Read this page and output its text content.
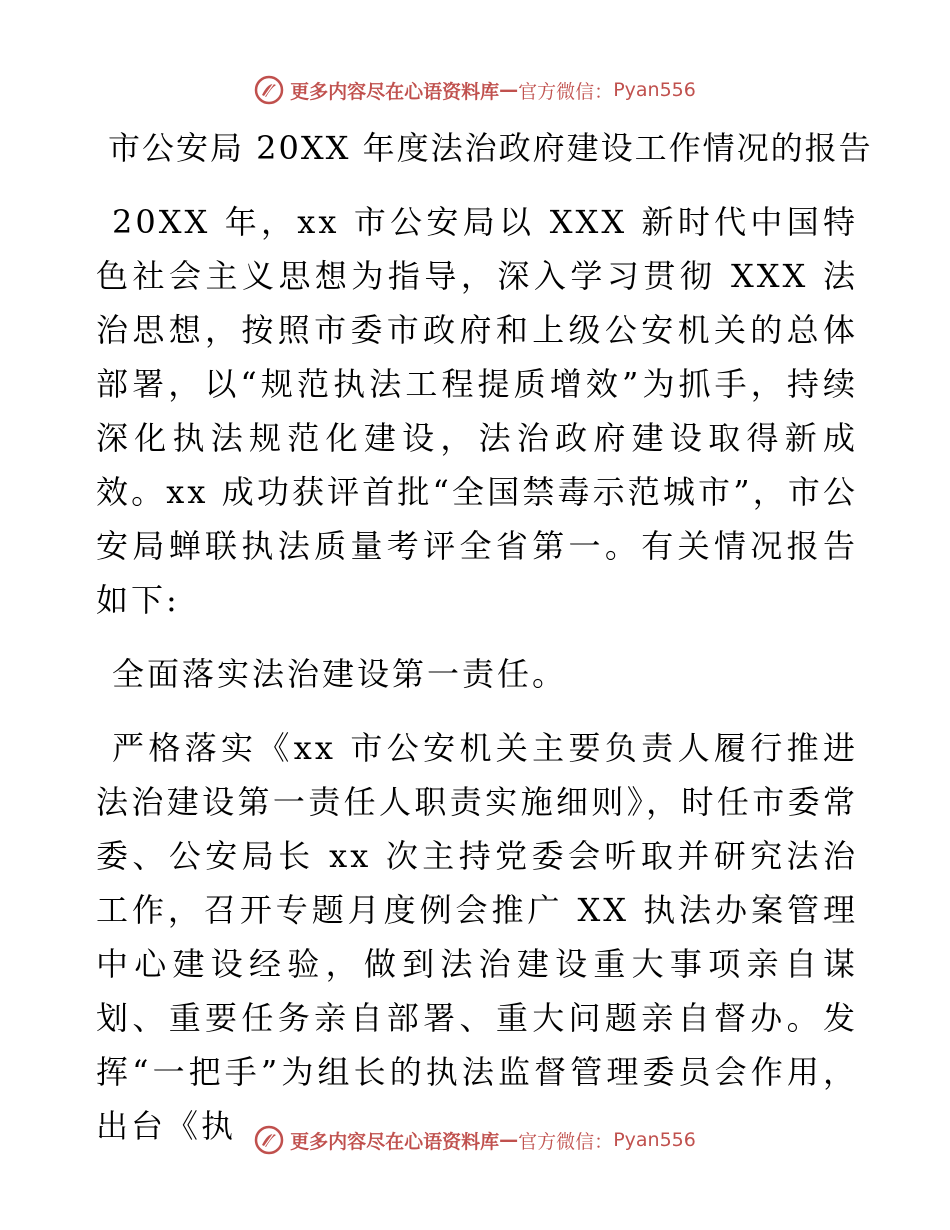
更多内容尽在心语资料库 — 官方微信： Pyan556
市公安局 20XX 年度法治政府建设工作情况的报告

20XX 年，xx 市公安局以 XXX 新时代中国特色社会主义思想为指导，深入学习贯彻 XXX 法治思想，按照市委市政府和上级公安机关的总体部署，以“规范执法工程提质增效”为抓手，持续深化执法规范化建设，法治政府建设取得新成效。xx 成功获评首批“全国禁毒示范城市”，市公安局蝉联执法质量考评全省第一。有关情况报告如下:

全面落实法治建设第一责任。

严格落实《xx 市公安机关主要负责人履行推进法治建设第一责任人职责实施细则》，时任市委常委、公安局长 xx 次主持党委会听取并研究法治工作，召开专题月度例会推广 XX 执法办案管理中心建设经验，做到法治建设重大事项亲自谋划、重要任务亲自部署、重大问题亲自督办。发挥“一把手”为组长的执法监督管理委员会作用，出台《执	更多内容尽在心语资料库 — 官方微信： Pyan556
